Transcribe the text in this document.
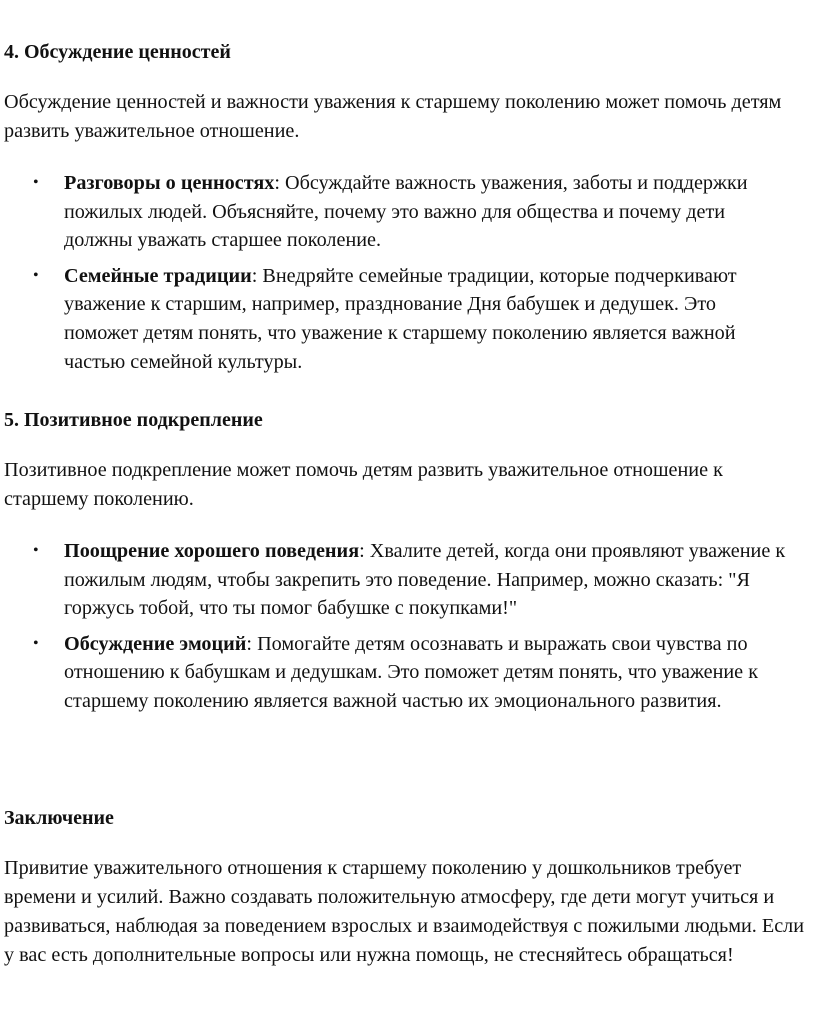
4. Обсуждение ценностей

Обсуждение ценностей и важности уважения к старшему поколению может помочь детям развить уважительное отношение.

• Разговоры о ценностях: Обсуждайте важность уважения, заботы и поддержки пожилых людей. Объясняйте, почему это важно для общества и почему дети должны уважать старшее поколение.
• Семейные традиции: Внедряйте семейные традиции, которые подчеркивают уважение к старшим, например, празднование Дня бабушек и дедушек. Это поможет детям понять, что уважение к старшему поколению является важной частью семейной культуры.
5. Позитивное подкрепление

Позитивное подкрепление может помочь детям развить уважительное отношение к старшему поколению.

• Поощрение хорошего поведения: Хвалите детей, когда они проявляют уважение к пожилым людям, чтобы закрепить это поведение. Например, можно сказать: "Я горжусь тобой, что ты помог бабушке с покупками!"
• Обсуждение эмоций: Помогайте детям осознавать и выражать свои чувства по отношению к бабушкам и дедушкам. Это поможет детям понять, что уважение к старшему поколению является важной частью их эмоционального развития.
Заключение

Привитие уважительного отношения к старшему поколению у дошкольников требует времени и усилий. Важно создавать положительную атмосферу, где дети могут учиться и развиваться, наблюдая за поведением взрослых и взаимодействуя с пожилыми людьми. Если у вас есть дополнительные вопросы или нужна помощь, не стесняйтесь обращаться!
